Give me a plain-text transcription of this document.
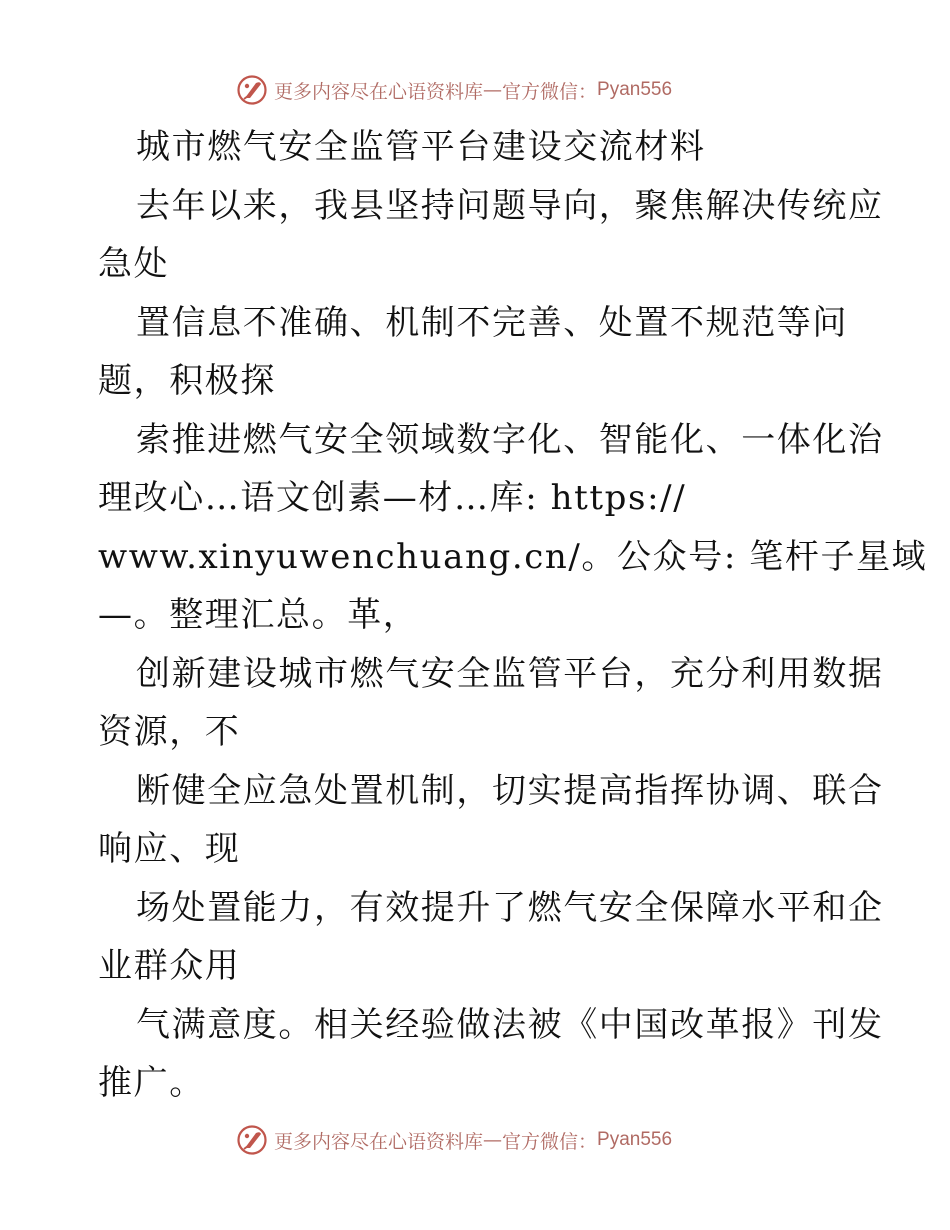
更多内容尽在心语资料库 — 官方微信： Pyan556
城市燃气安全监管平台建设交流材料
去年以来，我县坚持问题导向，聚焦解决传统应
急处
置信息不准确、机制不完善、处置不规范等问
题，积极探
索推进燃气安全领域数字化、智能化、一体化治
理改心…语文创素—材…库: https://
www.xinyuwenchuang.cn/。公众号: 笔杆子星域
—。整理汇总。革，
创新建设城市燃气安全监管平台，充分利用数据
资源，不
断健全应急处置机制，切实提高指挥协调、联合
响应、现
场处置能力，有效提升了燃气安全保障水平和企
业群众用
气满意度。相关经验做法被《中国改革报》刊发
推广。
更多内容尽在心语资料库 — 官方微信： Pyan556
